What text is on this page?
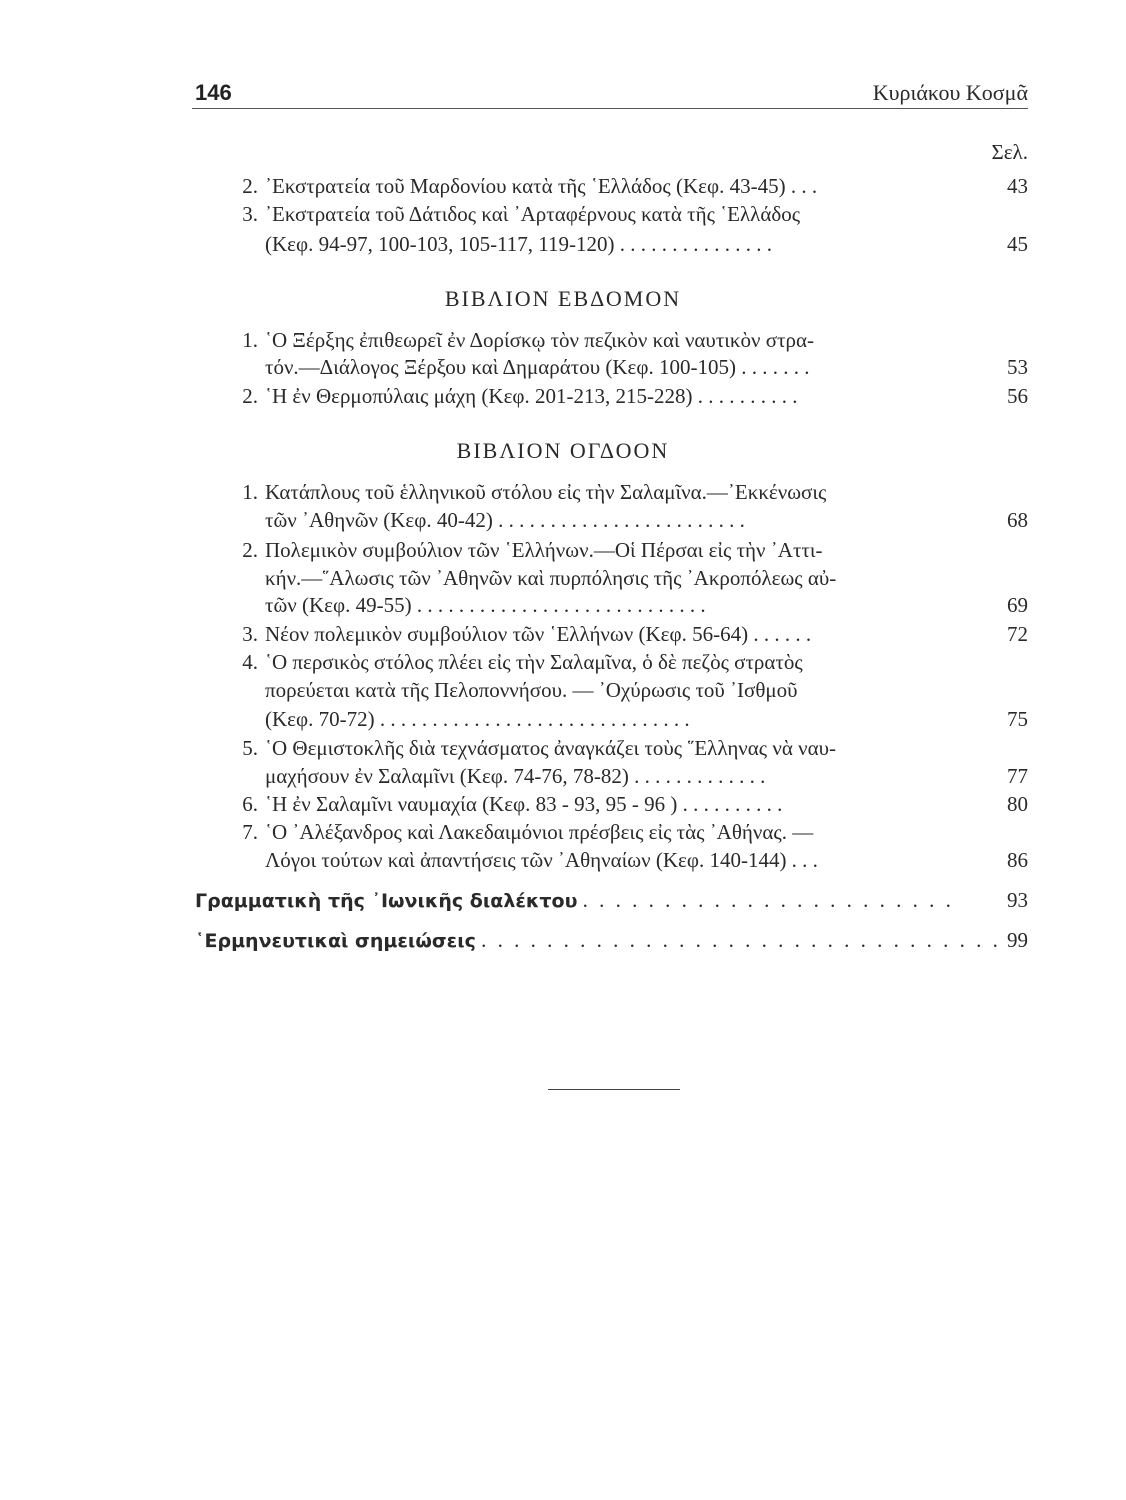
146	Κυριάκου Κοσμᾶ
Σελ.
2. ᾿Εκστρατεία τοῦ Μαρδονίου κατὰ τῆς ῾Ελλάδος (Κεφ. 43-45) . . .	43
3. ᾿Εκστρατεία τοῦ Δάτιδος καὶ ᾿Αρταφέρνους κατὰ τῆς ῾Ελλάδος
(Κεφ. 94-97, 100-103, 105-117, 119-120) . . . . . . . . . . . . . . .	45
ΒΙΒΛΙΟΝ ΕΒΔΟΜΟΝ
1. ῾Ο Ξέρξης ἐπιθεωρεῖ ἐν Δορίσκῳ τὸν πεζικὸν καὶ ναυτικὸν στρα-
τόν.—Διάλογος Ξέρξου καὶ Δημαράτου (Κεφ. 100-105) . . . . . . .	53
2. ῾Η ἐν Θερμοπύλαις μάχη (Κεφ. 201-213, 215-228) . . . . . . . . . .	56
ΒΙΒΛΙΟΝ ΟΓΔΟΟΝ
1. Κατάπλους τοῦ ἑλληνικοῦ στόλου εἰς τὴν Σαλαμῖνα.—᾿Εκκένωσις
τῶν ᾿Αθηνῶν (Κεφ. 40-42) . . . . . . . . . . . . . . . . . . . . . . . .	68
2. Πολεμικὸν συμβούλιον τῶν ῾Ελλήνων.—Οἱ Πέρσαι εἰς τὴν ᾿Αττι-
κήν.—῞Αλωσις τῶν ᾿Αθηνῶν καὶ πυρπόλησις τῆς ᾿Ακροπόλεως αὐ-
τῶν (Κεφ. 49-55) . . . . . . . . . . . . . . . . . . . . . . . . . . . .	69
3. Νέον πολεμικὸν συμβούλιον τῶν ῾Ελλήνων (Κεφ. 56-64) . . . . . .	72
4. ῾Ο περσικὸς στόλος πλέει εἰς τὴν Σαλαμῖνα, ὁ δὲ πεζὸς στρατὸς
πορεύεται κατὰ τῆς Πελοποννήσου. — ᾿Οχύρωσις τοῦ ᾿Ισθμοῦ
(Κεφ. 70-72) . . . . . . . . . . . . . . . . . . . . . . . . . . . . . .	75
5. ῾Ο Θεμιστοκλῆς διὰ τεχνάσματος ἀναγκάζει τοὺς ῞Ελληνας νὰ ναυ-
μαχήσουν ἐν Σαλαμῖνι (Κεφ. 74-76, 78-82) . . . . . . . . . . . . .	77
6. ῾Η ἐν Σαλαμῖνι ναυμαχία (Κεφ. 83 - 93, 95 - 96 ) . . . . . . . . . .	80
7. ῾Ο ᾿Αλέξανδρος καὶ Λακεδαιμόνιοι πρέσβεις εἰς τὰς ᾿Αθήνας. —
Λόγοι τούτων καὶ ἀπαντήσεις τῶν ᾿Αθηναίων (Κεφ. 140-144) . . .	86
Γραμματικὴ τῆς ᾿Ιωνικῆς διαλέκτου . . . . . . . . . . . . . . . . . . . . . . .	93
῾Ερμηνευτικαὶ σημειώσεις . . . . . . . . . . . . . . . . . . . . . . . . . . . . . . . . 99
